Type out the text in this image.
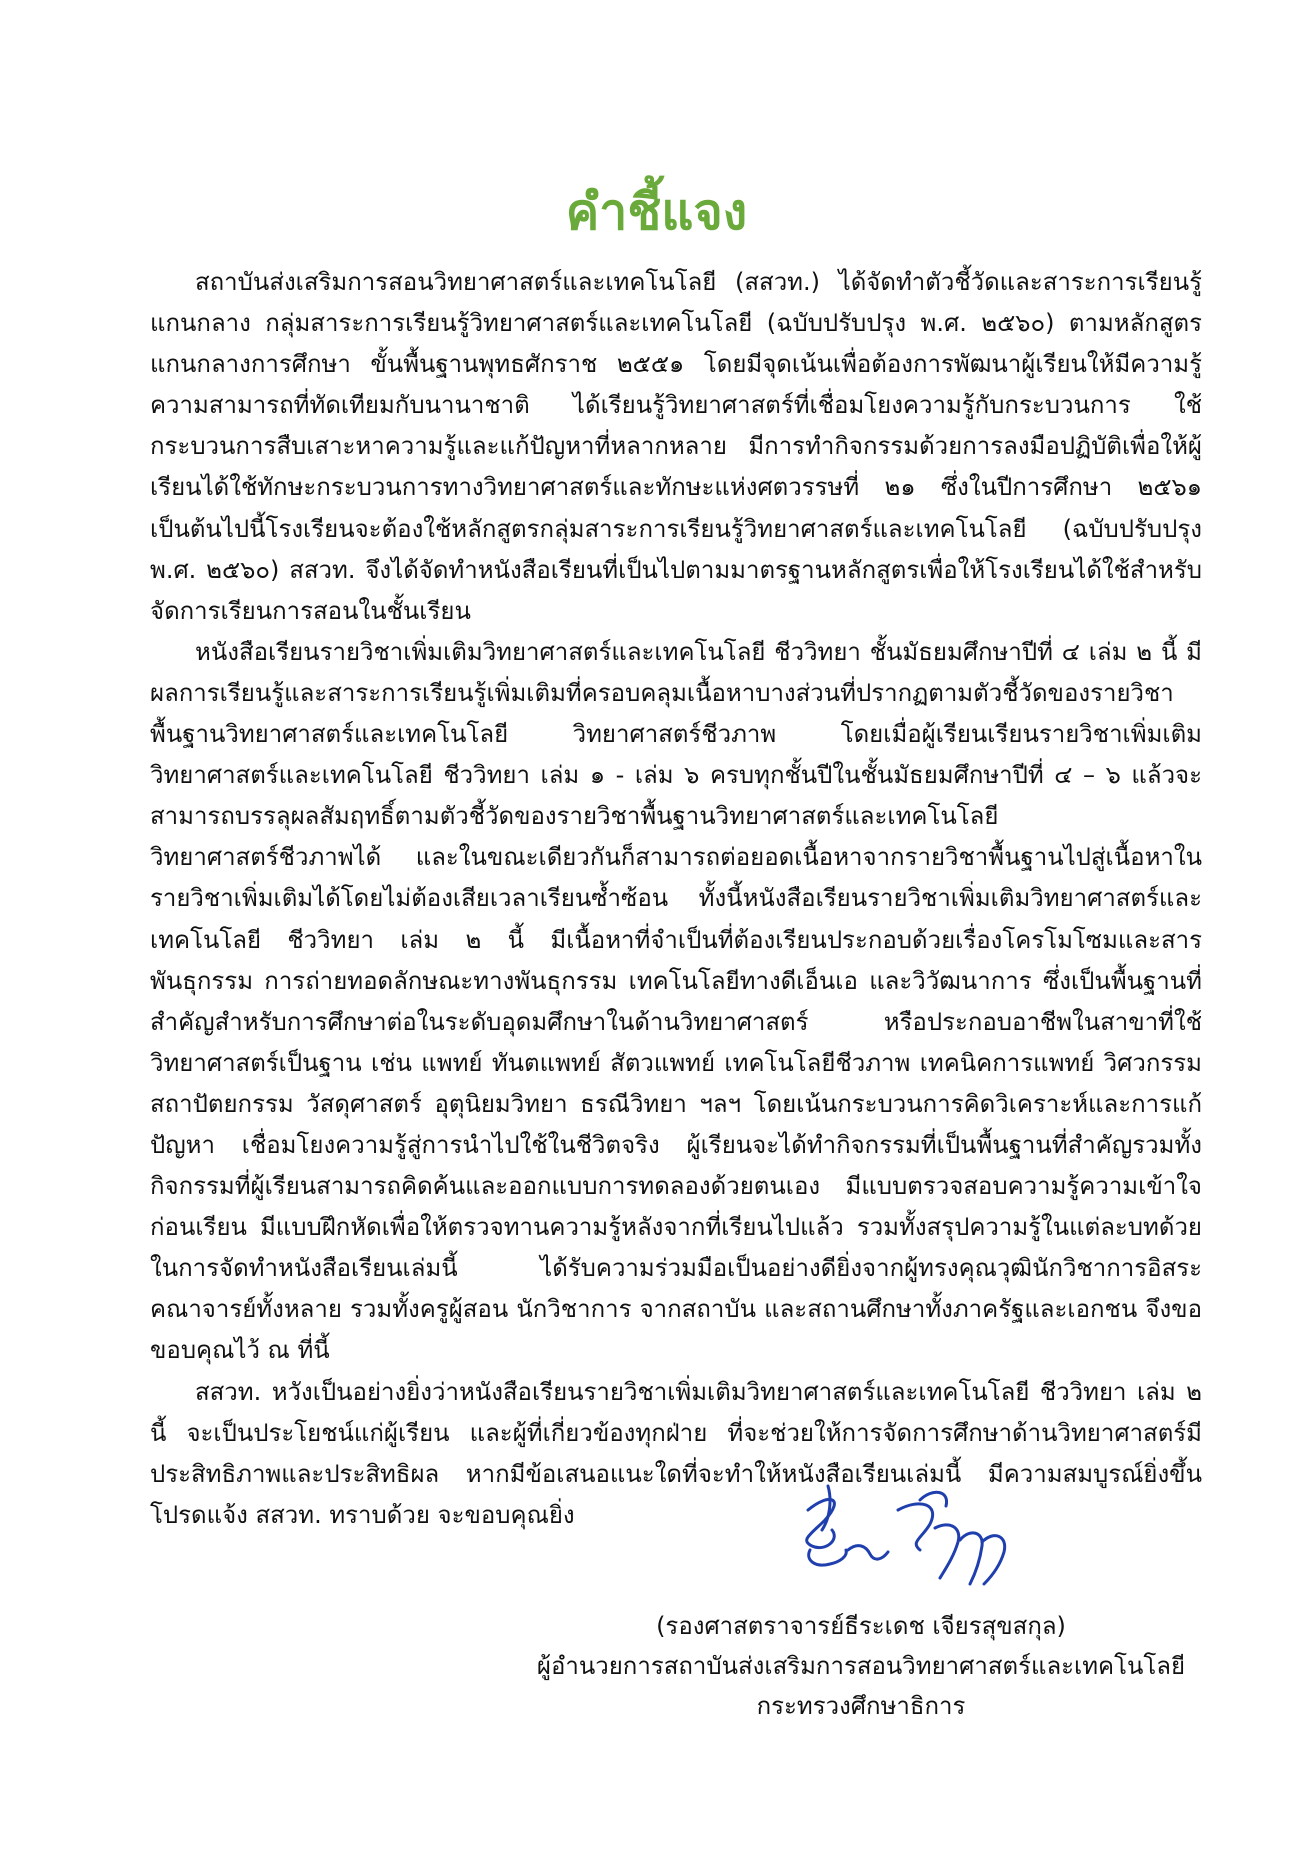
คำชี้แจง

สถาบันส่งเสริมการสอนวิทยาศาสตร์และเทคโนโลยี (สสวท.) ได้จัดทำตัวชี้วัดและสาระการเรียนรู้แกนกลาง กลุ่มสาระการเรียนรู้วิทยาศาสตร์และเทคโนโลยี (ฉบับปรับปรุง พ.ศ. ๒๕๖๐) ตามหลักสูตรแกนกลางการศึกษา ขั้นพื้นฐานพุทธศักราช ๒๕๕๑ โดยมีจุดเน้นเพื่อต้องการพัฒนาผู้เรียนให้มีความรู้ความสามารถที่ทัดเทียมกับนานาชาติ ได้เรียนรู้วิทยาศาสตร์ที่เชื่อมโยงความรู้กับกระบวนการ ใช้กระบวนการสืบเสาะหาความรู้และแก้ปัญหาที่หลากหลาย มีการทำกิจกรรมด้วยการลงมือปฏิบัติเพื่อให้ผู้เรียนได้ใช้ทักษะกระบวนการทางวิทยาศาสตร์และทักษะแห่งศตวรรษที่ ๒๑ ซึ่งในปีการศึกษา ๒๕๖๑ เป็นต้นไปนี้โรงเรียนจะต้องใช้หลักสูตรกลุ่มสาระการเรียนรู้วิทยาศาสตร์และเทคโนโลยี (ฉบับปรับปรุง พ.ศ. ๒๕๖๐) สสวท. จึงได้จัดทำหนังสือเรียนที่เป็นไปตามมาตรฐานหลักสูตรเพื่อให้โรงเรียนได้ใช้สำหรับจัดการเรียนการสอนในชั้นเรียน

หนังสือเรียนรายวิชาเพิ่มเติมวิทยาศาสตร์และเทคโนโลยี ชีววิทยา ชั้นมัธยมศึกษาปีที่ ๔ เล่ม ๒ นี้ มีผลการเรียนรู้และสาระการเรียนรู้เพิ่มเติมที่ครอบคลุมเนื้อหาบางส่วนที่ปรากฏตามตัวชี้วัดของรายวิชาพื้นฐานวิทยาศาสตร์และเทคโนโลยี วิทยาศาสตร์ชีวภาพ โดยเมื่อผู้เรียนเรียนรายวิชาเพิ่มเติมวิทยาศาสตร์และเทคโนโลยี ชีววิทยา เล่ม ๑ - เล่ม ๖ ครบทุกชั้นปีในชั้นมัธยมศึกษาปีที่ ๔ – ๖ แล้วจะสามารถบรรลุผลสัมฤทธิ์ตามตัวชี้วัดของรายวิชาพื้นฐานวิทยาศาสตร์และเทคโนโลยี วิทยาศาสตร์ชีวภาพได้ และในขณะเดียวกันก็สามารถต่อยอดเนื้อหาจากรายวิชาพื้นฐานไปสู่เนื้อหาในรายวิชาเพิ่มเติมได้โดยไม่ต้องเสียเวลาเรียนซ้ำซ้อน ทั้งนี้หนังสือเรียนรายวิชาเพิ่มเติมวิทยาศาสตร์และเทคโนโลยี ชีววิทยา เล่ม ๒ นี้ มีเนื้อหาที่จำเป็นที่ต้องเรียนประกอบด้วยเรื่องโครโมโซมและสารพันธุกรรม การถ่ายทอดลักษณะทางพันธุกรรม เทคโนโลยีทางดีเอ็นเอ และวิวัฒนาการ ซึ่งเป็นพื้นฐานที่สำคัญสำหรับการศึกษาต่อในระดับอุดมศึกษาในด้านวิทยาศาสตร์ หรือประกอบอาชีพในสาขาที่ใช้วิทยาศาสตร์เป็นฐาน เช่น แพทย์ ทันตแพทย์ สัตวแพทย์ เทคโนโลยีชีวภาพ เทคนิคการแพทย์ วิศวกรรม สถาปัตยกรรม วัสดุศาสตร์ อุตุนิยมวิทยา ธรณีวิทยา ฯลฯ โดยเน้นกระบวนการคิดวิเคราะห์และการแก้ปัญหา เชื่อมโยงความรู้สู่การนำไปใช้ในชีวิตจริง ผู้เรียนจะได้ทำกิจกรรมที่เป็นพื้นฐานที่สำคัญรวมทั้งกิจกรรมที่ผู้เรียนสามารถคิดค้นและออกแบบการทดลองด้วยตนเอง มีแบบตรวจสอบความรู้ความเข้าใจก่อนเรียน มีแบบฝึกหัดเพื่อให้ตรวจทานความรู้หลังจากที่เรียนไปแล้ว รวมทั้งสรุปความรู้ในแต่ละบทด้วย ในการจัดทำหนังสือเรียนเล่มนี้ ได้รับความร่วมมือเป็นอย่างดียิ่งจากผู้ทรงคุณวุฒินักวิชาการอิสระ คณาจารย์ทั้งหลาย รวมทั้งครูผู้สอน นักวิชาการ จากสถาบัน และสถานศึกษาทั้งภาครัฐและเอกชน จึงขอขอบคุณไว้ ณ ที่นี้

สสวท. หวังเป็นอย่างยิ่งว่าหนังสือเรียนรายวิชาเพิ่มเติมวิทยาศาสตร์และเทคโนโลยี ชีววิทยา เล่ม ๒ นี้ จะเป็นประโยชน์แก่ผู้เรียน และผู้ที่เกี่ยวข้องทุกฝ่าย ที่จะช่วยให้การจัดการศึกษาด้านวิทยาศาสตร์มีประสิทธิภาพและประสิทธิผล หากมีข้อเสนอแนะใดที่จะทำให้หนังสือเรียนเล่มนี้ มีความสมบูรณ์ยิ่งขึ้นโปรดแจ้ง สสวท. ทราบด้วย จะขอบคุณยิ่ง

(รองศาสตราจารย์ธีระเดช เจียรสุขสกุล)
ผู้อำนวยการสถาบันส่งเสริมการสอนวิทยาศาสตร์และเทคโนโลยี
กระทรวงศึกษาธิการ
